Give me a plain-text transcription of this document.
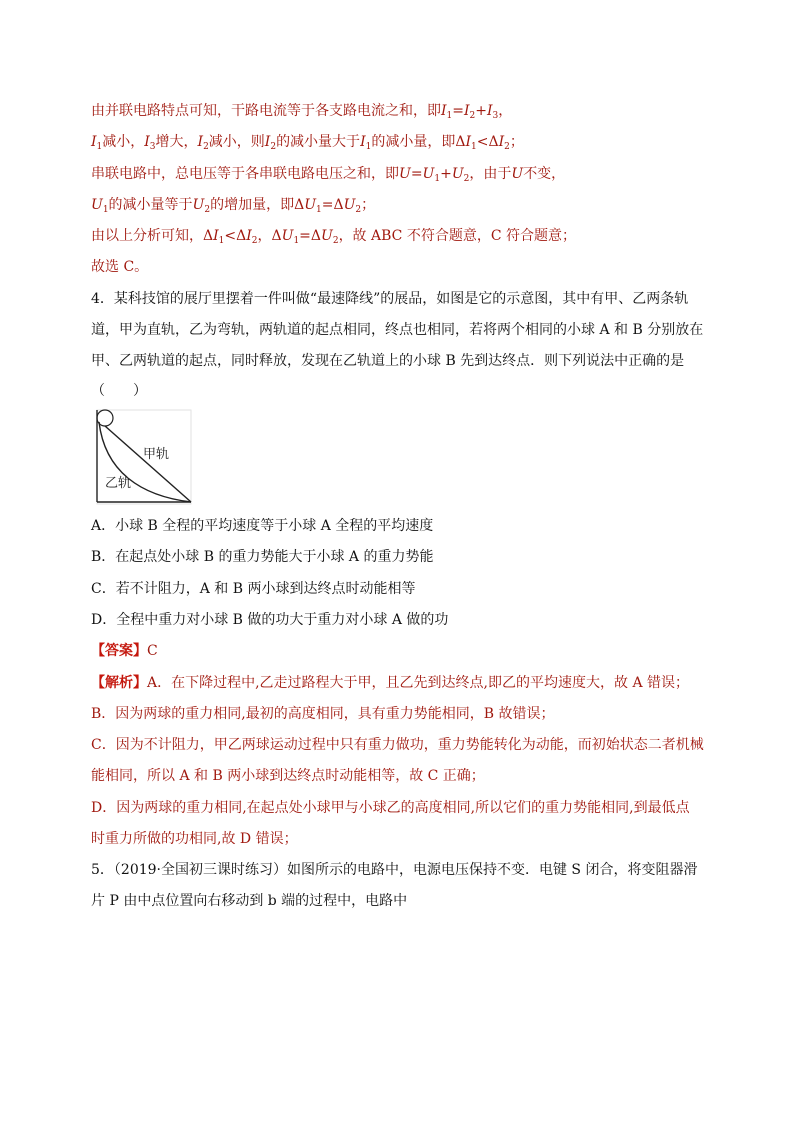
由并联电路特点可知，干路电流等于各支路电流之和，即$I_1=I_2+I_3$，
$I_1$减小，$I_3$增大，$I_2$减小，则$I_2$的减小量大于$I_1$的减小量，即$\Delta I_1<\Delta I_2$；
串联电路中，总电压等于各串联电路电压之和，即$U=U_1+U_2$，由于U不变，
$U_1$的减小量等于$U_2$的增加量，即$\Delta U_1=\Delta U_2$；
由以上分析可知，$\Delta I_1<\Delta I_2$，$\Delta U_1=\Delta U_2$，故 ABC 不符合题意，C 符合题意；
故选 C。
4．某科技馆的展厅里摆着一件叫做“最速降线”的展品，如图是它的示意图，其中有甲、乙两条轨
道，甲为直轨，乙为弯轨，两轨道的起点相同，终点也相同，若将两个相同的小球 A 和 B 分别放在
甲、乙两轨道的起点，同时释放，发现在乙轨道上的小球 B 先到达终点．则下列说法中正确的是
（　　）
甲轨
乙轨
A．小球 B 全程的平均速度等于小球 A 全程的平均速度
B．在起点处小球 B 的重力势能大于小球 A 的重力势能
C．若不计阻力，A 和 B 两小球到达终点时动能相等
D．全程中重力对小球 B 做的功大于重力对小球 A 做的功
【答案】C
【解析】A．在下降过程中,乙走过路程大于甲，且乙先到达终点,即乙的平均速度大，故 A 错误；
B．因为两球的重力相同,最初的高度相同，具有重力势能相同，B 故错误；
C．因为不计阻力，甲乙两球运动过程中只有重力做功，重力势能转化为动能，而初始状态二者机械
能相同，所以 A 和 B 两小球到达终点时动能相等，故 C 正确；
D．因为两球的重力相同,在起点处小球甲与小球乙的高度相同,所以它们的重力势能相同,到最低点
时重力所做的功相同,故 D 错误；
5．（2019·全国初三课时练习）如图所示的电路中，电源电压保持不变．电键 S 闭合，将变阻器滑
片 P 由中点位置向右移动到 b 端的过程中，电路中
